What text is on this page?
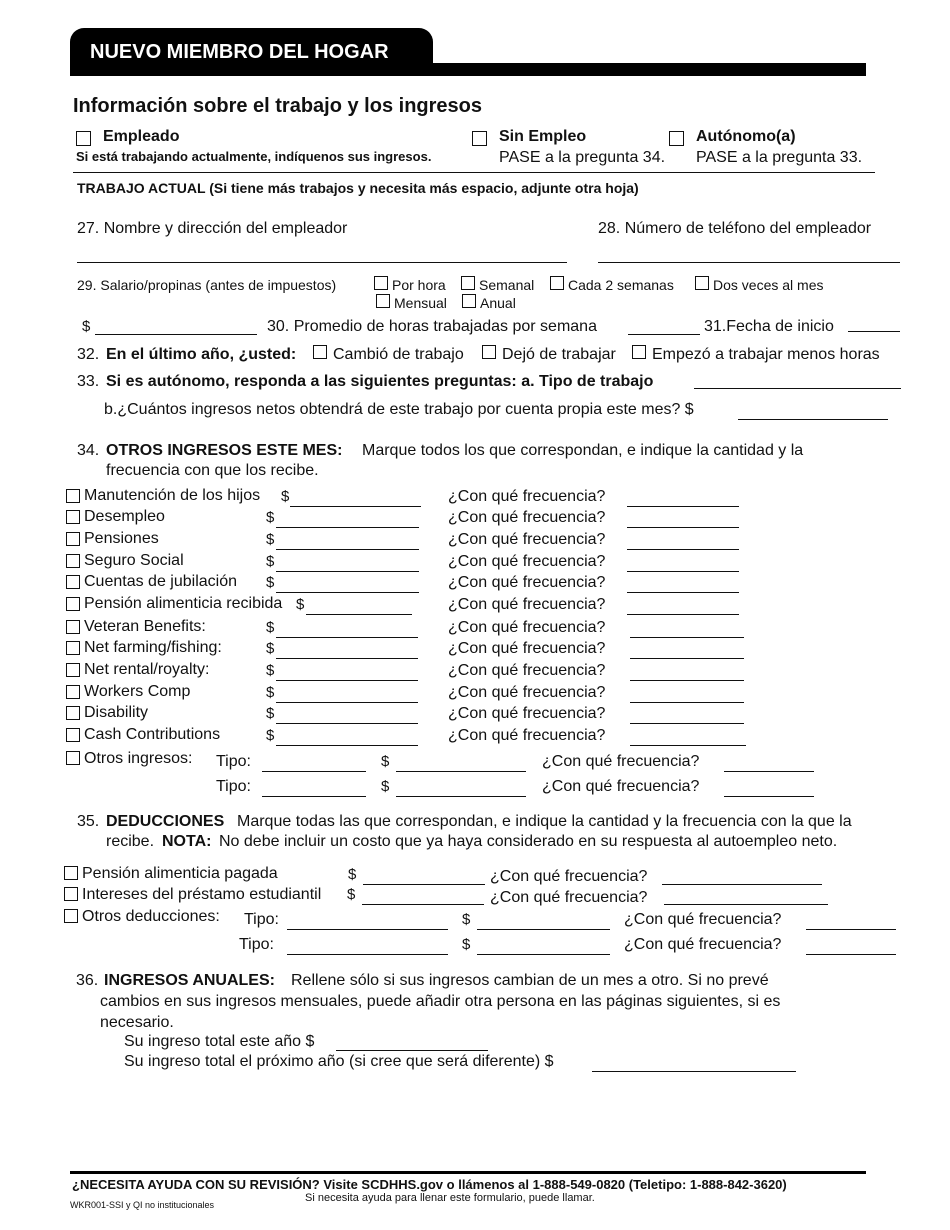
NUEVO MIEMBRO DEL HOGAR
Información sobre el trabajo y los ingresos
Empleado
Si está trabajando actualmente, indíquenos sus ingresos.
Sin Empleo
PASE a la pregunta 34.
Autónomo(a)
PASE a la pregunta 33.
TRABAJO ACTUAL (Si tiene más trabajos y necesita más espacio, adjunte otra hoja)
27. Nombre y dirección del empleador	28. Número de teléfono del empleador
29. Salario/propinas (antes de impuestos)	Por hora Semanal Cada 2 semanas	Dos veces al mes
Mensual Anual
$	30. Promedio de horas trabajadas por semana	31.Fecha de inicio
32. En el último año, ¿usted: Cambió de trabajo Dejó de trabajar Empezó a trabajar menos horas
33. Si es autónomo, responda a las siguientes preguntas: a. Tipo de trabajo
b.¿Cuántos ingresos netos obtendrá de este trabajo por cuenta propia este mes? $
34. OTROS INGRESOS ESTE MES: Marque todos los que correspondan, e indique la cantidad y la
frecuencia con que los recibe.
Manutención de los hijos $	¿Con qué frecuencia?
Desempleo	$	¿Con qué frecuencia?
Pensiones	$	¿Con qué frecuencia?
Seguro Social	$	¿Con qué frecuencia?
Cuentas de jubilación $	¿Con qué frecuencia?
Pensión alimenticia recibida $	¿Con qué frecuencia?
Veteran Benefits:	$	¿Con qué frecuencia?
Net farming/fishing:	$	¿Con qué frecuencia?
Net rental/royalty:	$	¿Con qué frecuencia?
Workers Comp	$	¿Con qué frecuencia?
Disability	$	¿Con qué frecuencia?
Cash Contributions	$	¿Con qué frecuencia?
Otros ingresos: Tipo:	$	¿Con qué frecuencia?
Tipo:	$	¿Con qué frecuencia?
35. DEDUCCIONES Marque todas las que correspondan, e indique la cantidad y la frecuencia con la que la
recibe. NOTA: No debe incluir un costo que ya haya considerado en su respuesta al autoempleo neto.
Pensión alimenticia pagada	$	¿Con qué frecuencia?
Intereses del préstamo estudiantil $	¿Con qué frecuencia?
Otros deducciones: Tipo:	$	¿Con qué frecuencia?
Tipo:	$	¿Con qué frecuencia?
36. INGRESOS ANUALES: Rellene sólo si sus ingresos cambian de un mes a otro. Si no prevé
cambios en sus ingresos mensuales, puede añadir otra persona en las páginas siguientes, si es
necesario.
Su ingreso total este año $
Su ingreso total el próximo año (si cree que será diferente) $
¿NECESITA AYUDA CON SU REVISIÓN? Visite SCDHHS.gov o llámenos al 1-888-549-0820 (Teletipo: 1-888-842-3620)
Si necesita ayuda para llenar este formulario, puede llamar.
WKR001-SSI y QI no institucionales
